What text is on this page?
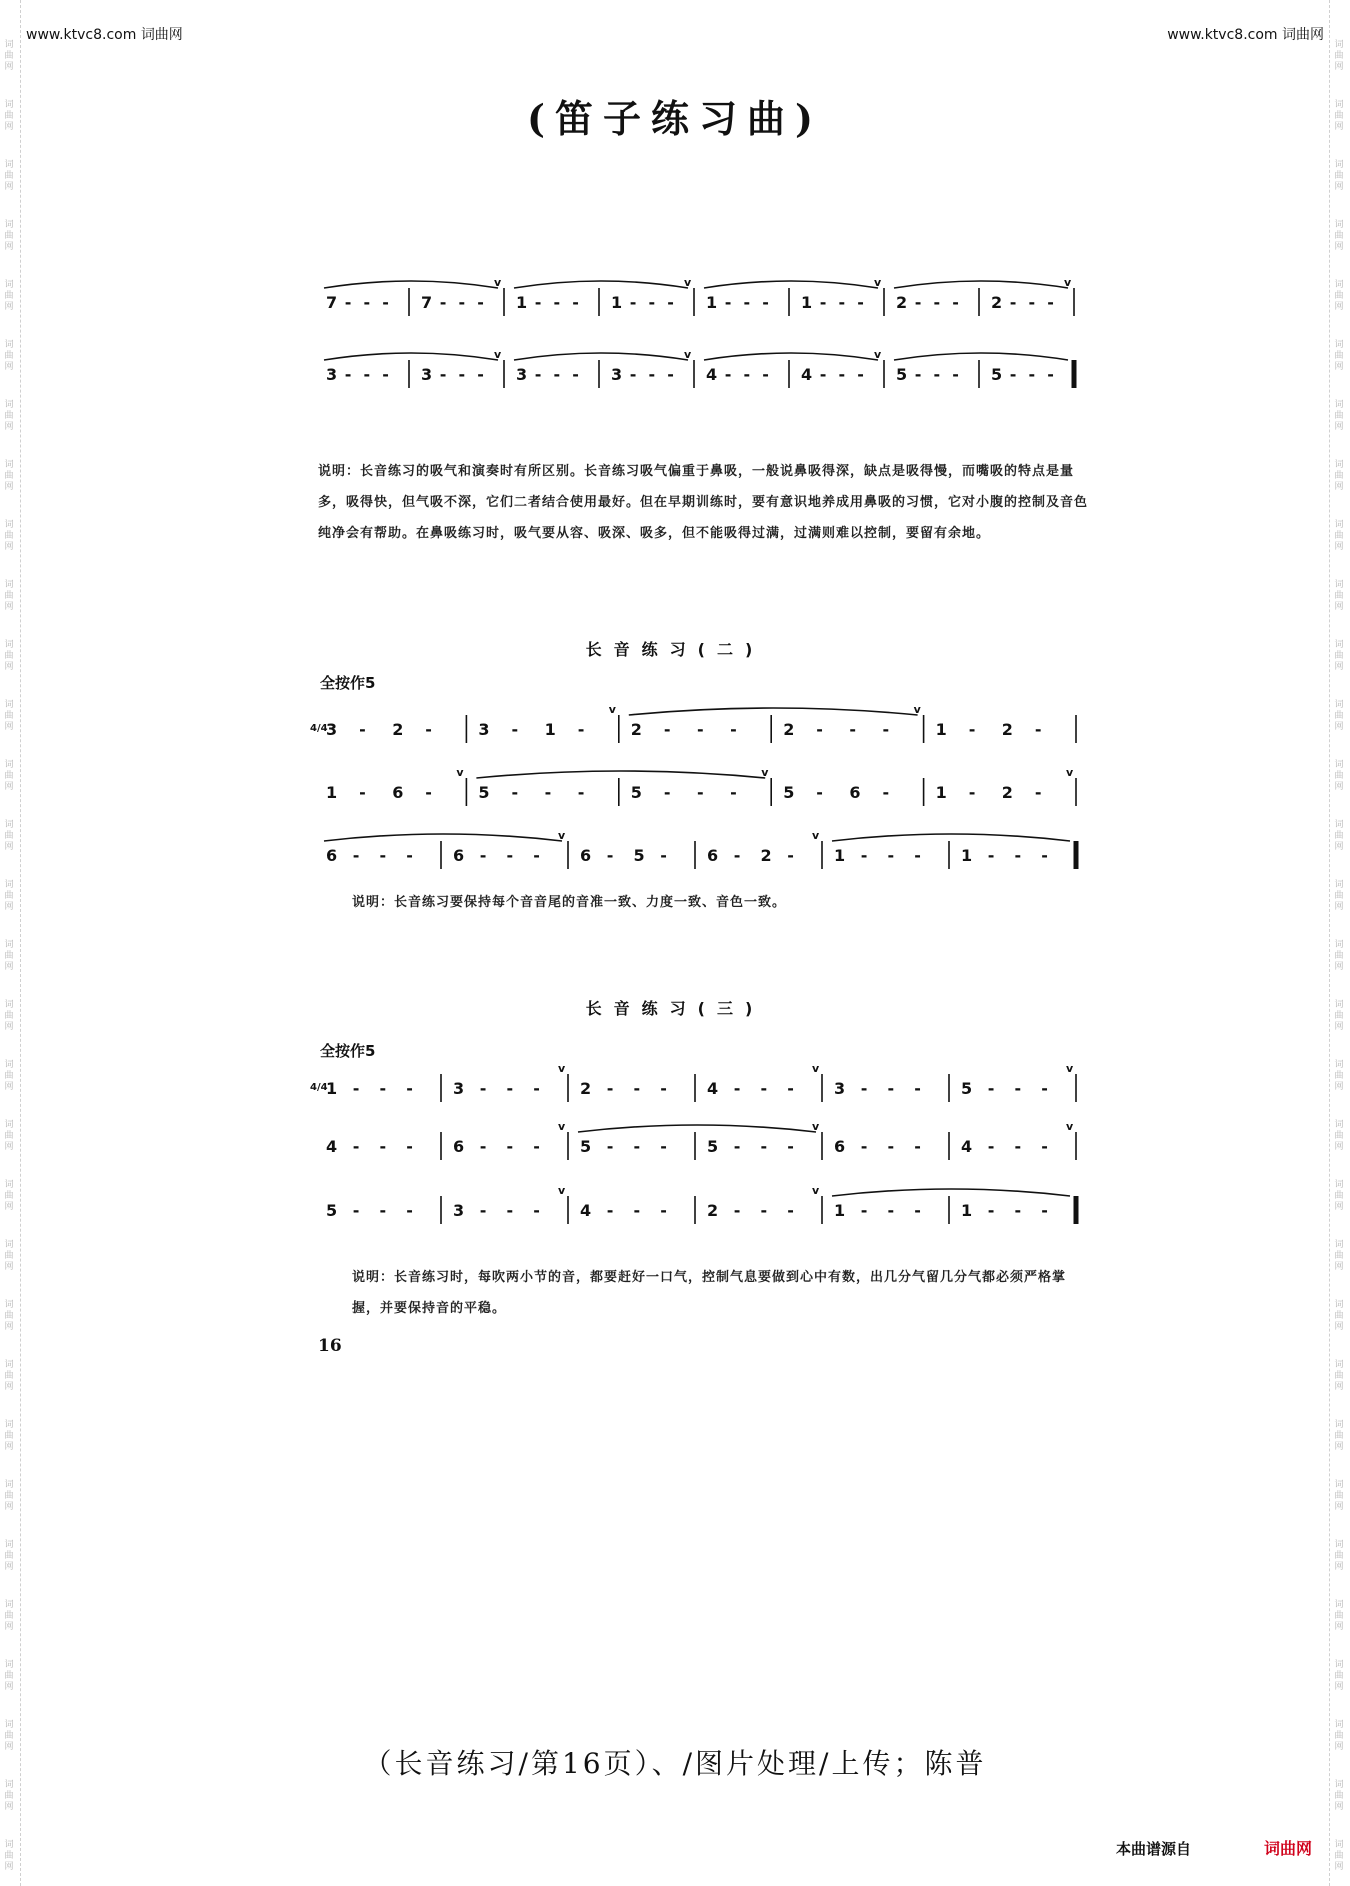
词
曲
网
词
曲
网
词
曲
网
词
曲
网
词
曲
网
词
曲
网
词
曲
网
词
曲
网
词
曲
网
词
曲
网
词
曲
网
词
曲
网
词
曲
网
词
曲
网
词
曲
网
词
曲
网
词
曲
网
词
曲
网
词
曲
网
词
曲
网
词
曲
网
词
曲
网
词
曲
网
词
曲
网
词
曲
网
词
曲
网
词
曲
网
词
曲
网
词
曲
网
词
曲
网
词
曲
网
词
曲
网
词
曲
网
词
曲
网
词
曲
网
词
曲
网
词
曲
网
词
曲
网
词
曲
网
词
曲
网
词
曲
网
词
曲
网
词
曲
网
词
曲
网
词
曲
网
词
曲
网
词
曲
网
词
曲
网
词
曲
网
词
曲
网
词
曲
网
词
曲
网
词
曲
网
词
曲
网
词
曲
网
词
曲
网
词
曲
网
词
曲
网
词
曲
网
词
曲
网
词
曲
网
词
曲
网
www.ktvc8.com 词曲网	www.ktvc8.com 词曲网
(笛子练习曲)
7 - - - 7 - - - 1 - - - 1 - - - 1 - - - 1 - - - 2 - - - 2 - - -
v	v	v	v
3 - - - 3 - - - 3 - - - 3 - - - 4 - - - 4 - - - 5 - - - 5 - - -
v	v	v
说明：长音练习的吸气和演奏时有所区别。长音练习吸气偏重于鼻吸，一般说鼻吸得深，缺点是吸得慢，而嘴吸的特点是量多，吸得快，但气吸不深，它们二者结合使用最好。但在早期训练时，要有意识地养成用鼻吸的习惯，它对小腹的控制及音色纯净会有帮助。在鼻吸练习时，吸气要从容、吸深、吸多，但不能吸得过满，过满则难以控制，要留有余地。
长音练习(二)
全按作5
3 - 2 -	3 - 1 -	2 - - -	2 - - -	1 - 2 -
v	v
4/4
1 - 6 -	5 - - -	5 - - -	5 - 6 -	1 - 2 -
v	v	v
6 - - -	6 - - -	6 - 5 -	6 - 2 -	1 - - -	1 - - -
v	v
说明：长音练习要保持每个音音尾的音准一致、力度一致、音色一致。
长音练习(三)
全按作5
1 - - -	3 - - -	2 - - -	4 - - -	3 - - -	5 - - -
v	v	v
4/4
4 - - -	6 - - -	5 - - -	5 - - -	6 - - -	4 - - -
v	v	v
5 - - -	3 - - -	4 - - -	2 - - -	1 - - -	1 - - -
v	v
说明：长音练习时，每吹两小节的音，都要赶好一口气，控制气息要做到心中有数，出几分气留几分气都必须严格掌握，并要保持音的平稳。
16
（长音练习/第16页）、/图片处理/上传；陈普
本曲谱源自	词曲网
